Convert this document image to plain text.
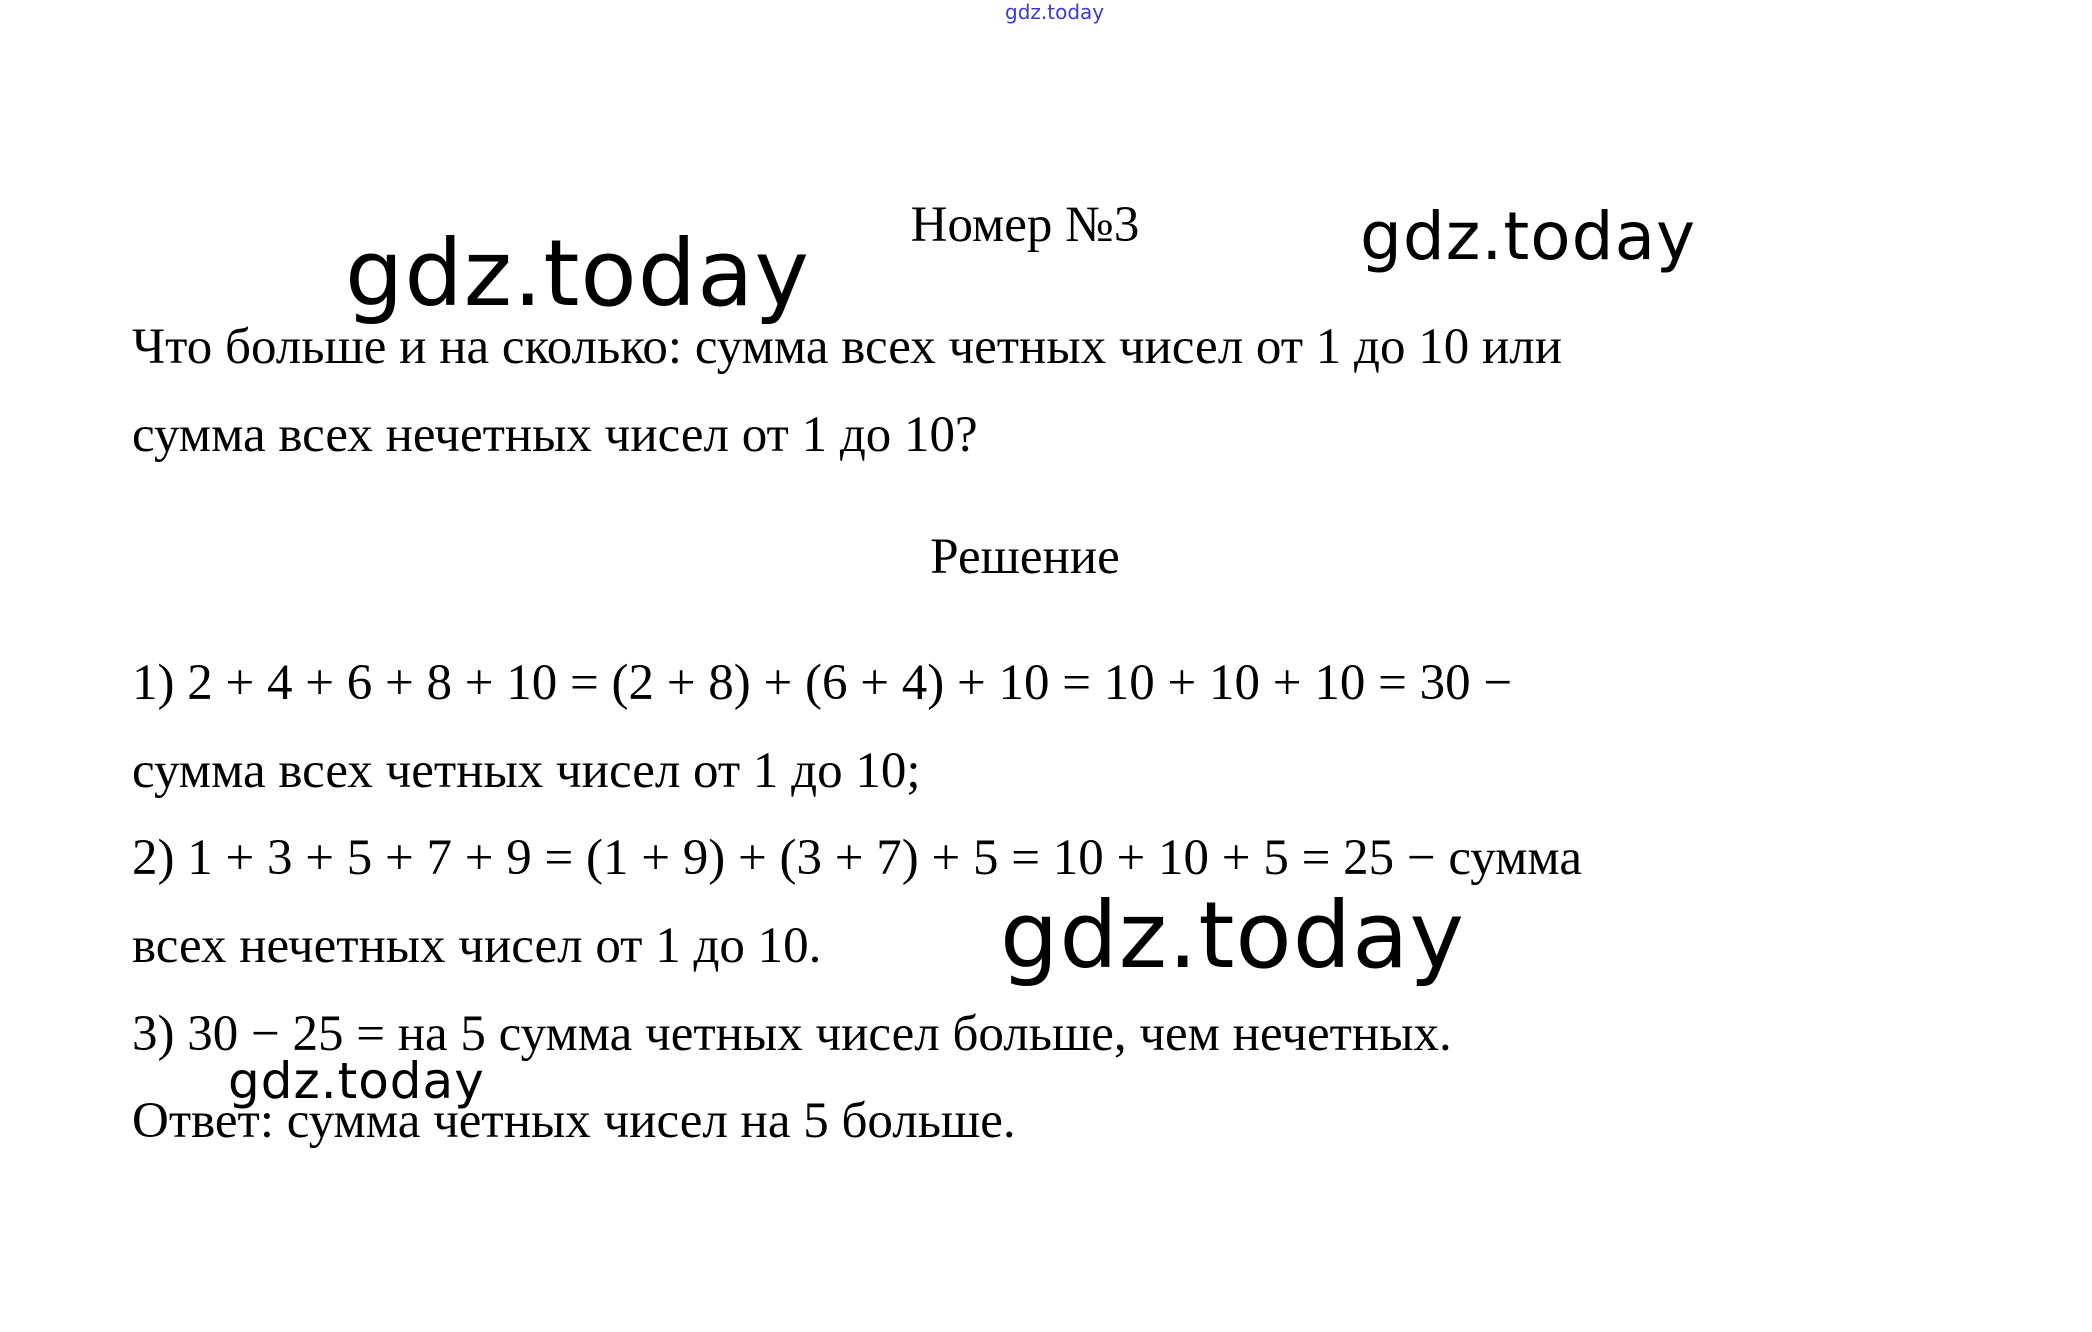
gdz.today
Номер №3
Что больше и на сколько: сумма всех четных чисел от 1 до 10 или
сумма всех нечетных чисел от 1 до 10?
Решение
1) 2 + 4 + 6 + 8 + 10 = (2 + 8) + (6 + 4) + 10 = 10 + 10 + 10 = 30 −
сумма всех четных чисел от 1 до 10;
2) 1 + 3 + 5 + 7 + 9 = (1 + 9) + (3 + 7) + 5 = 10 + 10 + 5 = 25 − сумма
всех нечетных чисел от 1 до 10.
3) 30 − 25 = на 5 сумма четных чисел больше, чем нечетных.
Ответ: сумма четных чисел на 5 больше.
gdz.today	gdz.today
gdz.today
gdz.today
